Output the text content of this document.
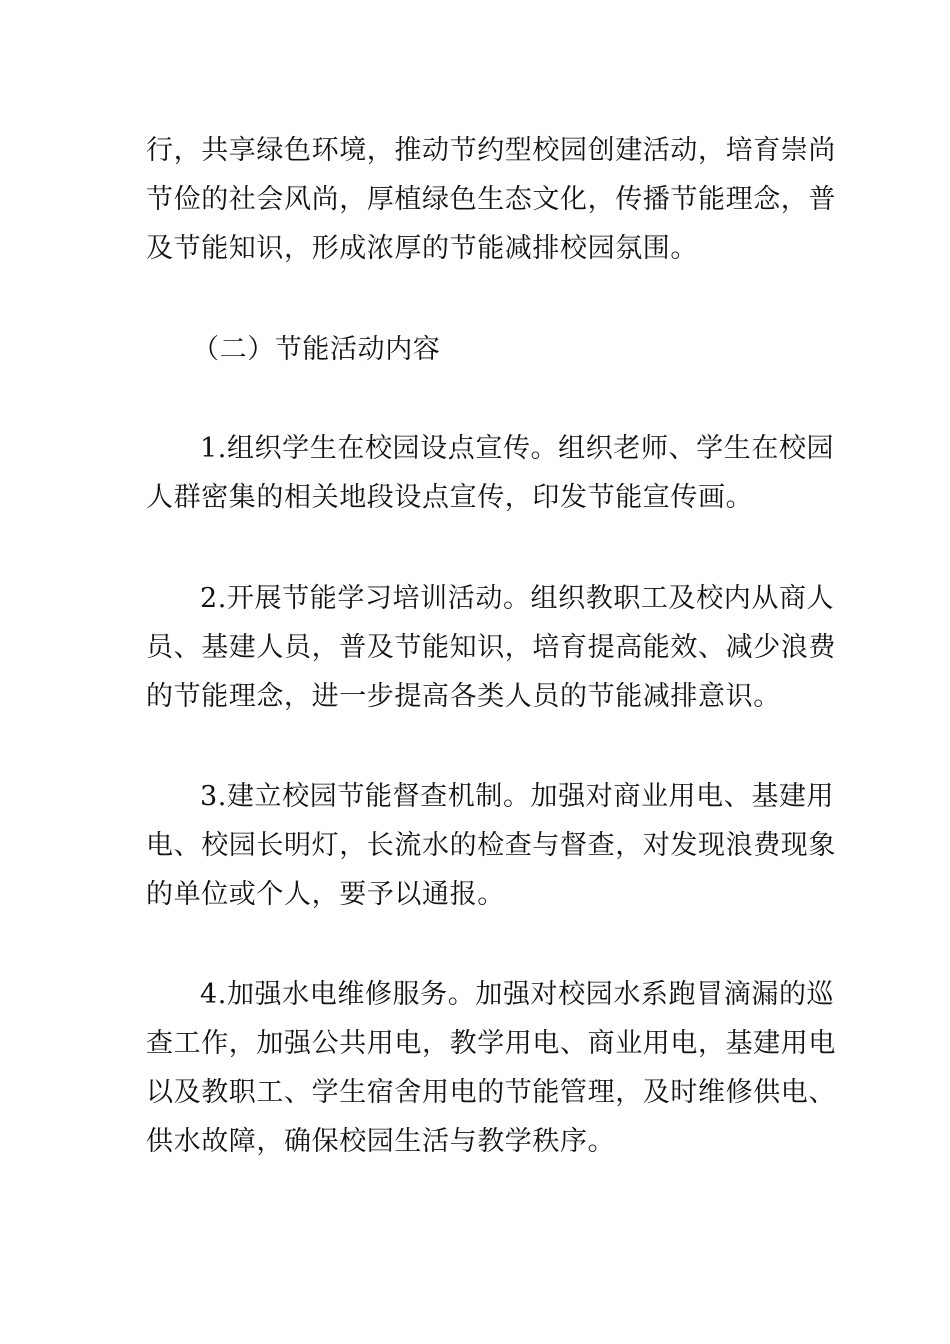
行，共享绿色环境，推动节约型校园创建活动，培育崇尚
节俭的社会风尚，厚植绿色生态文化，传播节能理念，普
及节能知识，形成浓厚的节能减排校园氛围。
（二）节能活动内容
1.组织学生在校园设点宣传。组织老师、学生在校园
人群密集的相关地段设点宣传，印发节能宣传画。
2.开展节能学习培训活动。组织教职工及校内从商人
员、基建人员，普及节能知识，培育提高能效、减少浪费
的节能理念，进一步提高各类人员的节能减排意识。
3.建立校园节能督查机制。加强对商业用电、基建用
电、校园长明灯，长流水的检查与督查，对发现浪费现象
的单位或个人，要予以通报。
4.加强水电维修服务。加强对校园水系跑冒滴漏的巡
查工作，加强公共用电，教学用电、商业用电，基建用电
以及教职工、学生宿舍用电的节能管理，及时维修供电、
供水故障，确保校园生活与教学秩序。
